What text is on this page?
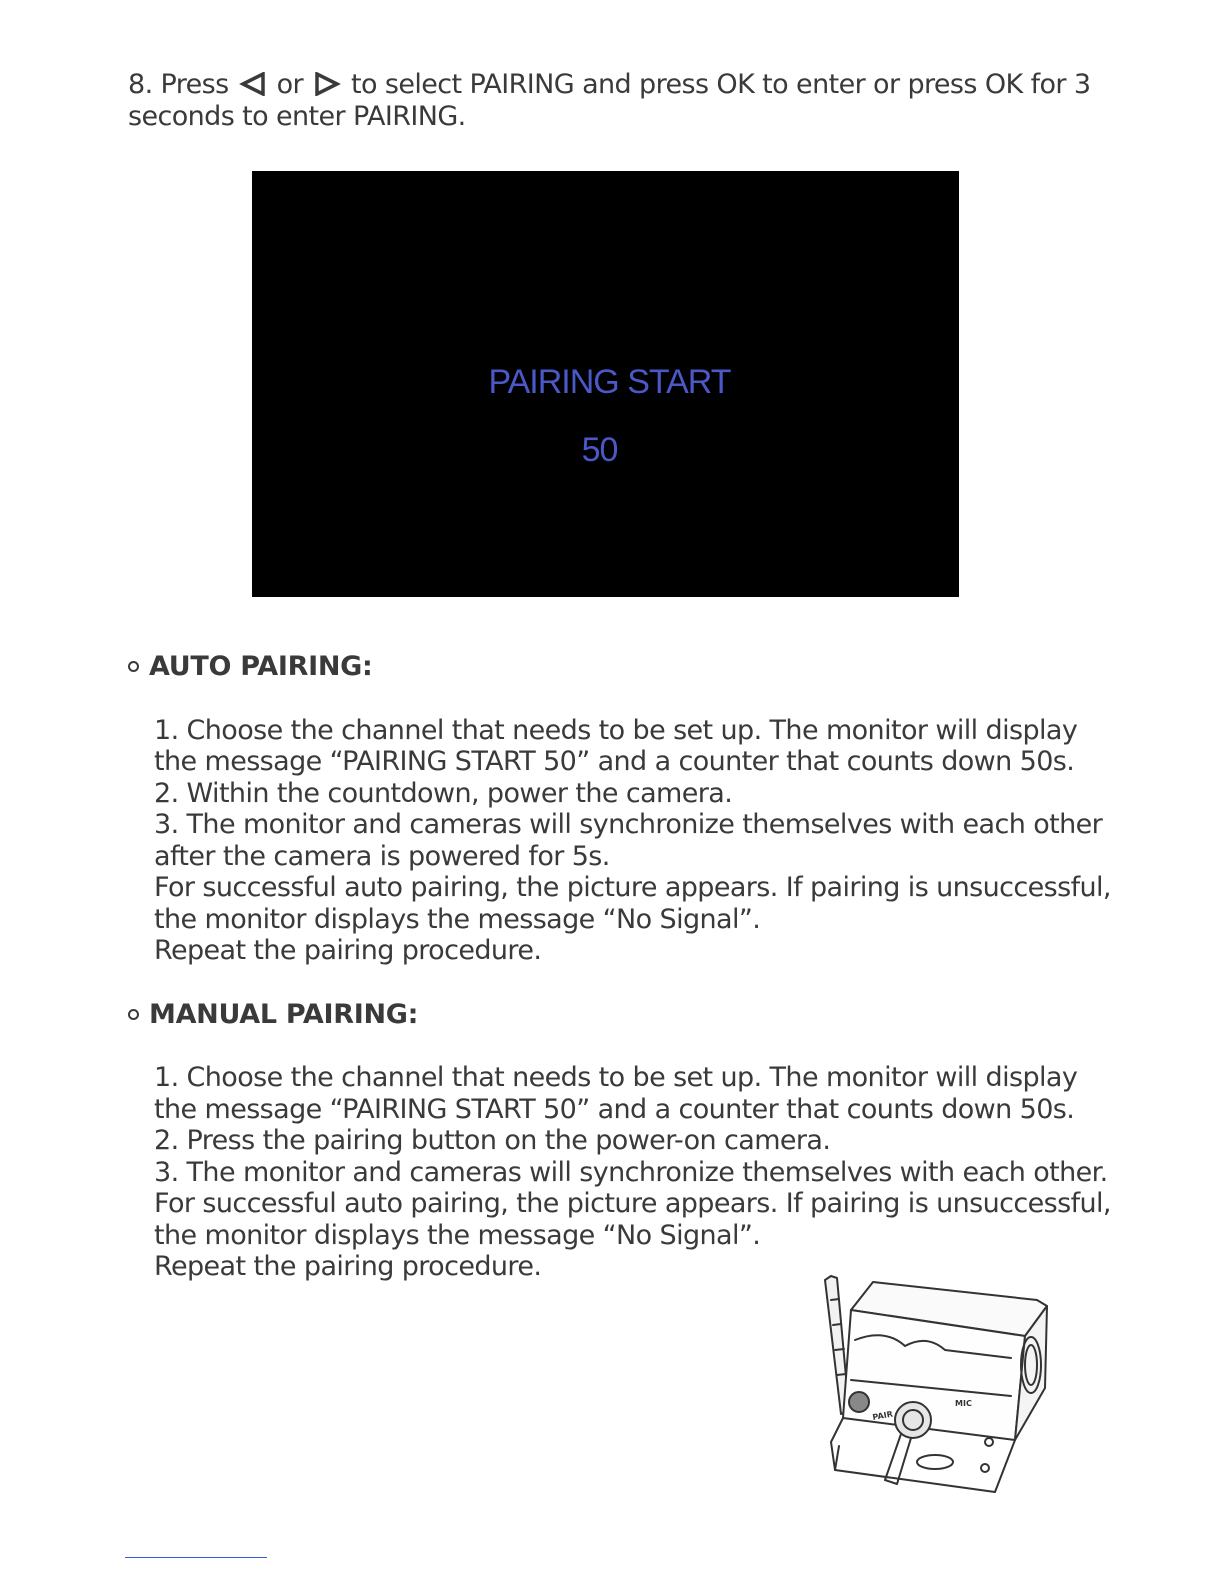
8. Press or to select PAIRING and press OK to enter or press OK for 3
seconds to enter PAIRING.
PAIRING START
50
AUTO PAIRING:
1. Choose the channel that needs to be set up. The monitor will display
the message “PAIRING START 50” and a counter that counts down 50s.
2. Within the countdown, power the camera.
3. The monitor and cameras will synchronize themselves with each other
after the camera is powered for 5s.
For successful auto pairing, the picture appears. If pairing is unsuccessful,
the monitor displays the message “No Signal”.
Repeat the pairing procedure.
MANUAL PAIRING:
1. Choose the channel that needs to be set up. The monitor will display
the message “PAIRING START 50” and a counter that counts down 50s.
2. Press the pairing button on the power-on camera.
3. The monitor and cameras will synchronize themselves with each other.
For successful auto pairing, the picture appears. If pairing is unsuccessful,
the monitor displays the message “No Signal”.
Repeat the pairing procedure.
PAIR
MIC
